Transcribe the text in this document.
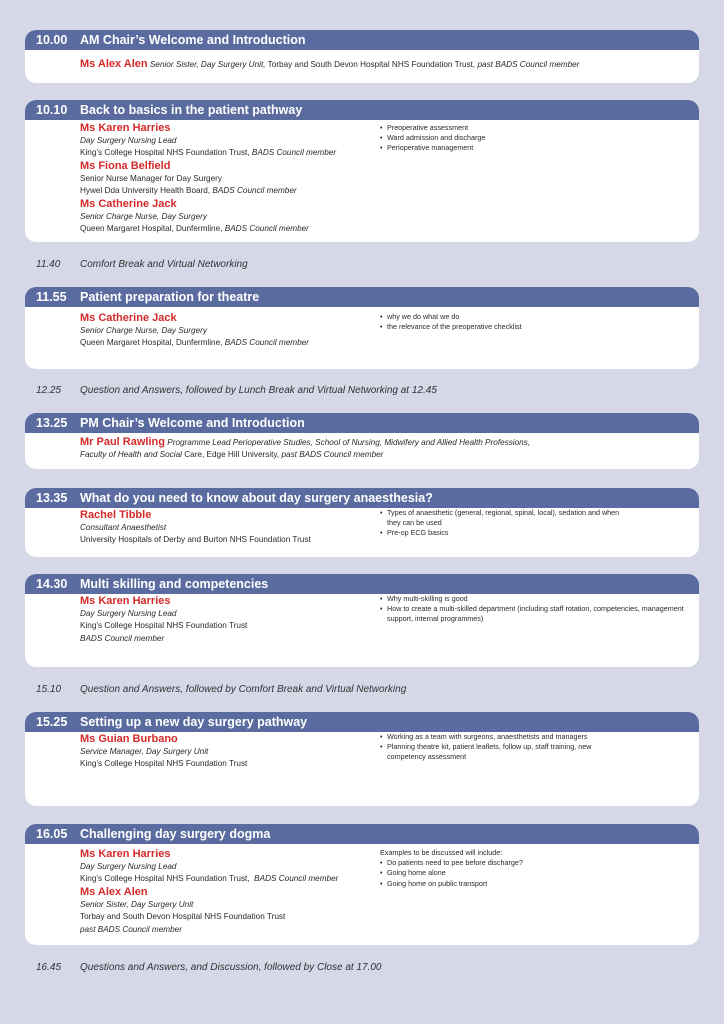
10.00	AM Chair’s Welcome and Introduction
Ms Alex Alen Senior Sister, Day Surgery Unit, Torbay and South Devon Hospital NHS Foundation Trust, past BADS Council member
10.10	Back to basics in the patient pathway
Ms Karen Harries
Day Surgery Nursing Lead
King’s College Hospital NHS Foundation Trust, BADS Council member
Ms Fiona Belfield
Senior Nurse Manager for Day Surgery
Hywel Dda University Health Board, BADS Council member
Ms Catherine Jack
Senior Charge Nurse, Day Surgery
Queen Margaret Hospital, Dunfermline, BADS Council member
• Preoperative assessment
• Ward admission and discharge
• Perioperative management
11.40	Comfort Break and Virtual Networking
11.55	Patient preparation for theatre
Ms Catherine Jack
Senior Charge Nurse, Day Surgery
Queen Margaret Hospital, Dunfermline, BADS Council member
• why we do what we do
• the relevance of the preoperative checklist
12.25	Question and Answers, followed by Lunch Break and Virtual Networking at 12.45
13.25	PM Chair’s Welcome and Introduction
Mr Paul Rawling Programme Lead Perioperative Studies, School of Nursing, Midwifery and Allied Health Professions,
Faculty of Health and Social Care, Edge Hill University, past BADS Council member
13.35	What do you need to know about day surgery anaesthesia?
Rachel Tibble
Consultant Anaesthetist
University Hospitals of Derby and Burton NHS Foundation Trust
• Types of anaesthetic (general, regional, spinal, local), sedation and when they can be used
• Pre-op ECG basics
14.30	Multi skilling and competencies
Ms Karen Harries
Day Surgery Nursing Lead
King’s College Hospital NHS Foundation Trust
BADS Council member
• Why multi-skilling is good
• How to create a multi-skilled department (including staff rotation, competencies, management support, internal programmes)
15.10	Question and Answers, followed by Comfort Break and Virtual Networking
15.25	Setting up a new day surgery pathway
Ms Guian Burbano
Service Manager, Day Surgery Unit
King’s College Hospital NHS Foundation Trust
• Working as a team with surgeons, anaesthetists and managers
• Planning theatre kit, patient leaflets, follow up, staff training, new competency assessment
16.05	Challenging day surgery dogma
Ms Karen Harries
Day Surgery Nursing Lead
King’s College Hospital NHS Foundation Trust, BADS Council member
Ms Alex Alen
Senior Sister, Day Surgery Unit
Torbay and South Devon Hospital NHS Foundation Trust
past BADS Council member
Examples to be discussed will include:
• Do patients need to pee before discharge?
• Going home alone
• Going home on public transport
16.45	Questions and Answers, and Discussion, followed by Close at 17.00
